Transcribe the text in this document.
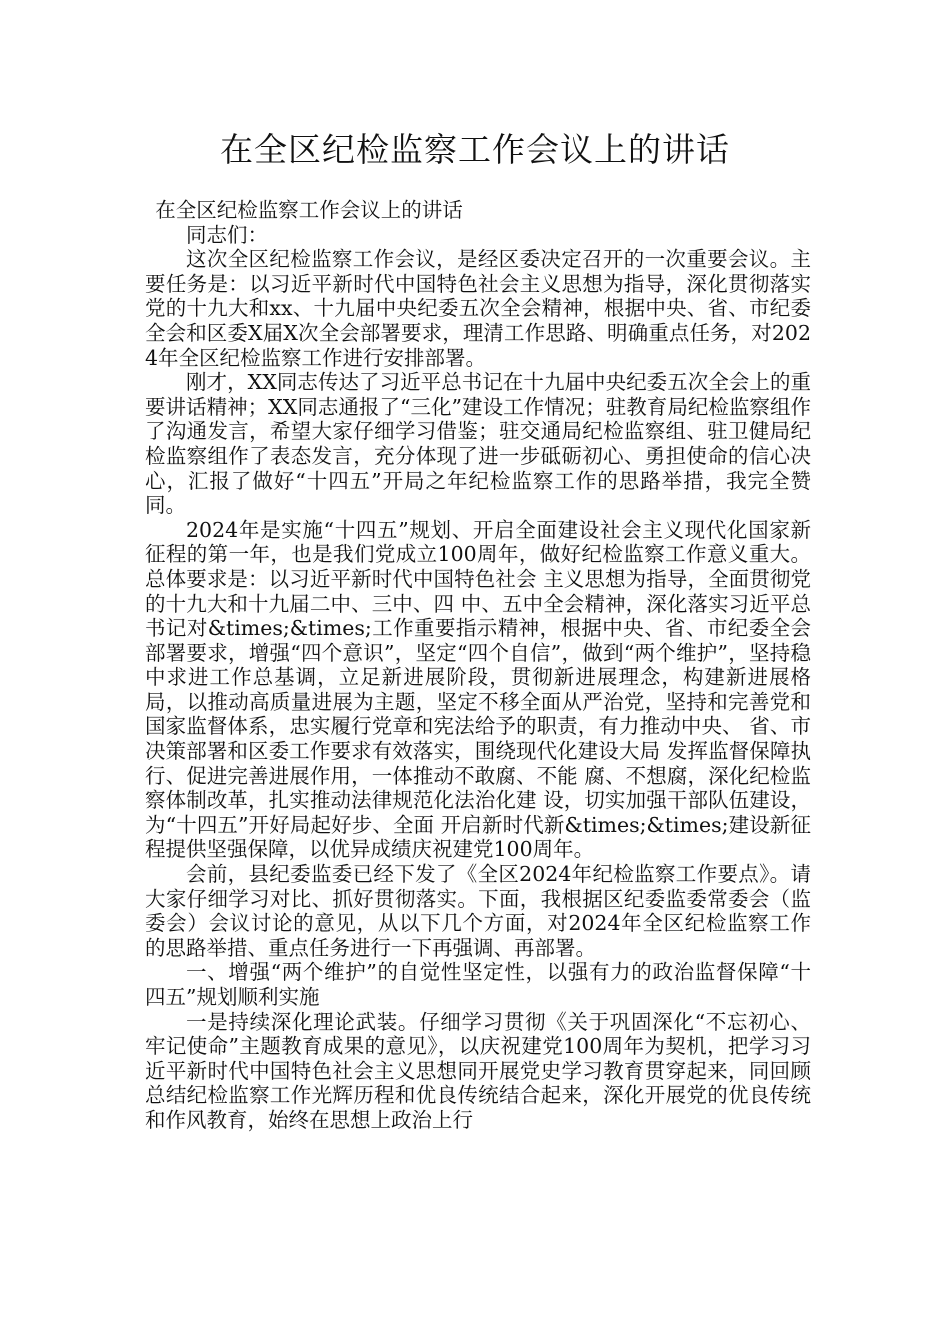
在全区纪检监察工作会议上的讲话

在全区纪检监察工作会议上的讲话

同志们：

这次全区纪检监察工作会议，是经区委决定召开的一次重要会议。主要任务是：以习近平新时代中国特色社会主义思想为指导，深化贯彻落实党的十九大和xx、十九届中央纪委五次全会精神，根据中央、省、市纪委全会和区委X届X次全会部署要求，理清工作思路、明确重点任务，对2024年全区纪检监察工作进行安排部署。

刚才，XX同志传达了习近平总书记在十九届中央纪委五次全会上的重要讲话精神；XX同志通报了“三化”建设工作情况；驻教育局纪检监察组作了沟通发言，希望大家仔细学习借鉴；驻交通局纪检监察组、驻卫健局纪检监察组作了表态发言，充分体现了进一步砥砺初心、勇担使命的信心决心，汇报了做好“十四五”开局之年纪检监察工作的思路举措，我完全赞同。

2024年是实施“十四五”规划、开启全面建设社会主义现代化国家新征程的第一年，也是我们党成立100周年，做好纪检监察工作意义重大。总体要求是：以习近平新时代中国特色社会 主义思想为指导，全面贯彻党的十九大和十九届二中、三中、四 中、五中全会精神，深化落实习近平总书记对&times;&times;工作重要指示精神，根据中央、省、市纪委全会部署要求，增强“四个意识”，坚定“四个自信”，做到“两个维护”，坚持稳中求进工作总基调，立足新进展阶段，贯彻新进展理念，构建新进展格局，以推动高质量进展为主题，坚定不移全面从严治党，坚持和完善党和 国家监督体系，忠实履行党章和宪法给予的职责，有力推动中央、 省、市决策部署和区委工作要求有效落实，围绕现代化建设大局 发挥监督保障执行、促进完善进展作用，一体推动不敢腐、不能 腐、不想腐，深化纪检监察体制改革，扎实推动法律规范化法治化建 设，切实加强干部队伍建设，为“十四五”开好局起好步、全面 开启新时代新&times;&times;建设新征程提供坚强保障，以优异成绩庆祝建党100周年。

会前，县纪委监委已经下发了《全区2024年纪检监察工作要点》。请大家仔细学习对比、抓好贯彻落实。下面，我根据区纪委监委常委会（监委会）会议讨论的意见，从以下几个方面，对2024年全区纪检监察工作的思路举措、重点任务进行一下再强调、再部署。

一、增强“两个维护”的自觉性坚定性，以强有力的政治监督保障“十四五”规划顺利实施

一是持续深化理论武装。仔细学习贯彻《关于巩固深化“不忘初心、牢记使命”主题教育成果的意见》，以庆祝建党100周年为契机，把学习习近平新时代中国特色社会主义思想同开展党史学习教育贯穿起来，同回顾总结纪检监察工作光辉历程和优良传统结合起来，深化开展党的优良传统和作风教育，始终在思想上政治上行
